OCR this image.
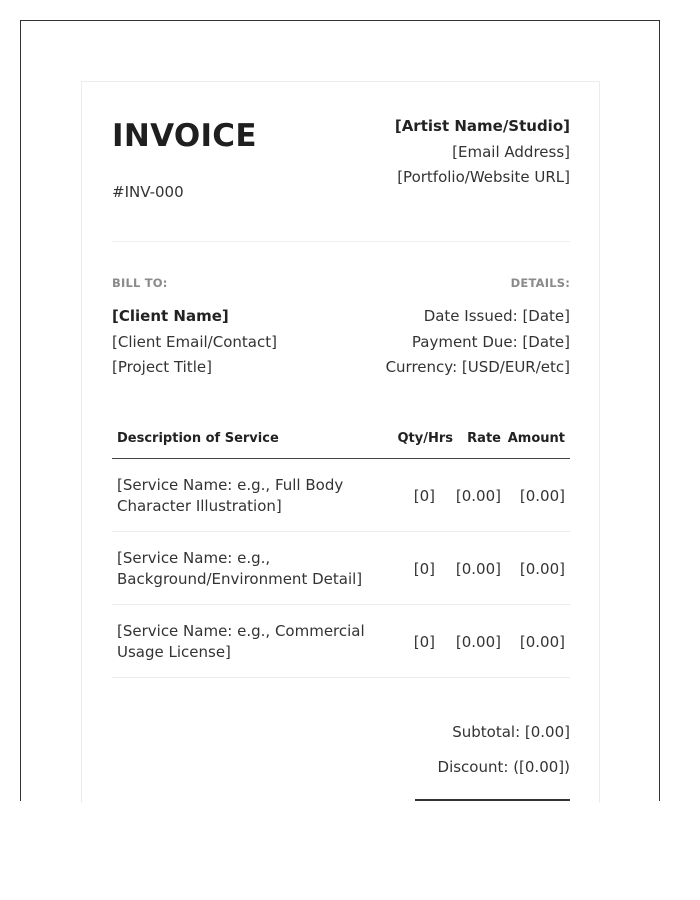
INVOICE
#INV-000
[Artist Name/Studio]
[Email Address]
[Portfolio/Website URL]
BILL TO:	DETAILS:
[Client Name]
[Client Email/Contact]
[Project Title]
Date Issued: [Date]
Payment Due: [Date]
Currency: [USD/EUR/etc]
Description of Service	Qty/Hrs Rate Amount
[Service Name: e.g., Full Body Character Illustration]
[0] [0.00] [0.00]
[Service Name: e.g., Background/Environment Detail]
[0] [0.00] [0.00]
[Service Name: e.g., Commercial Usage License]
[0] [0.00] [0.00]
Subtotal: [0.00]
Discount: ([0.00])
